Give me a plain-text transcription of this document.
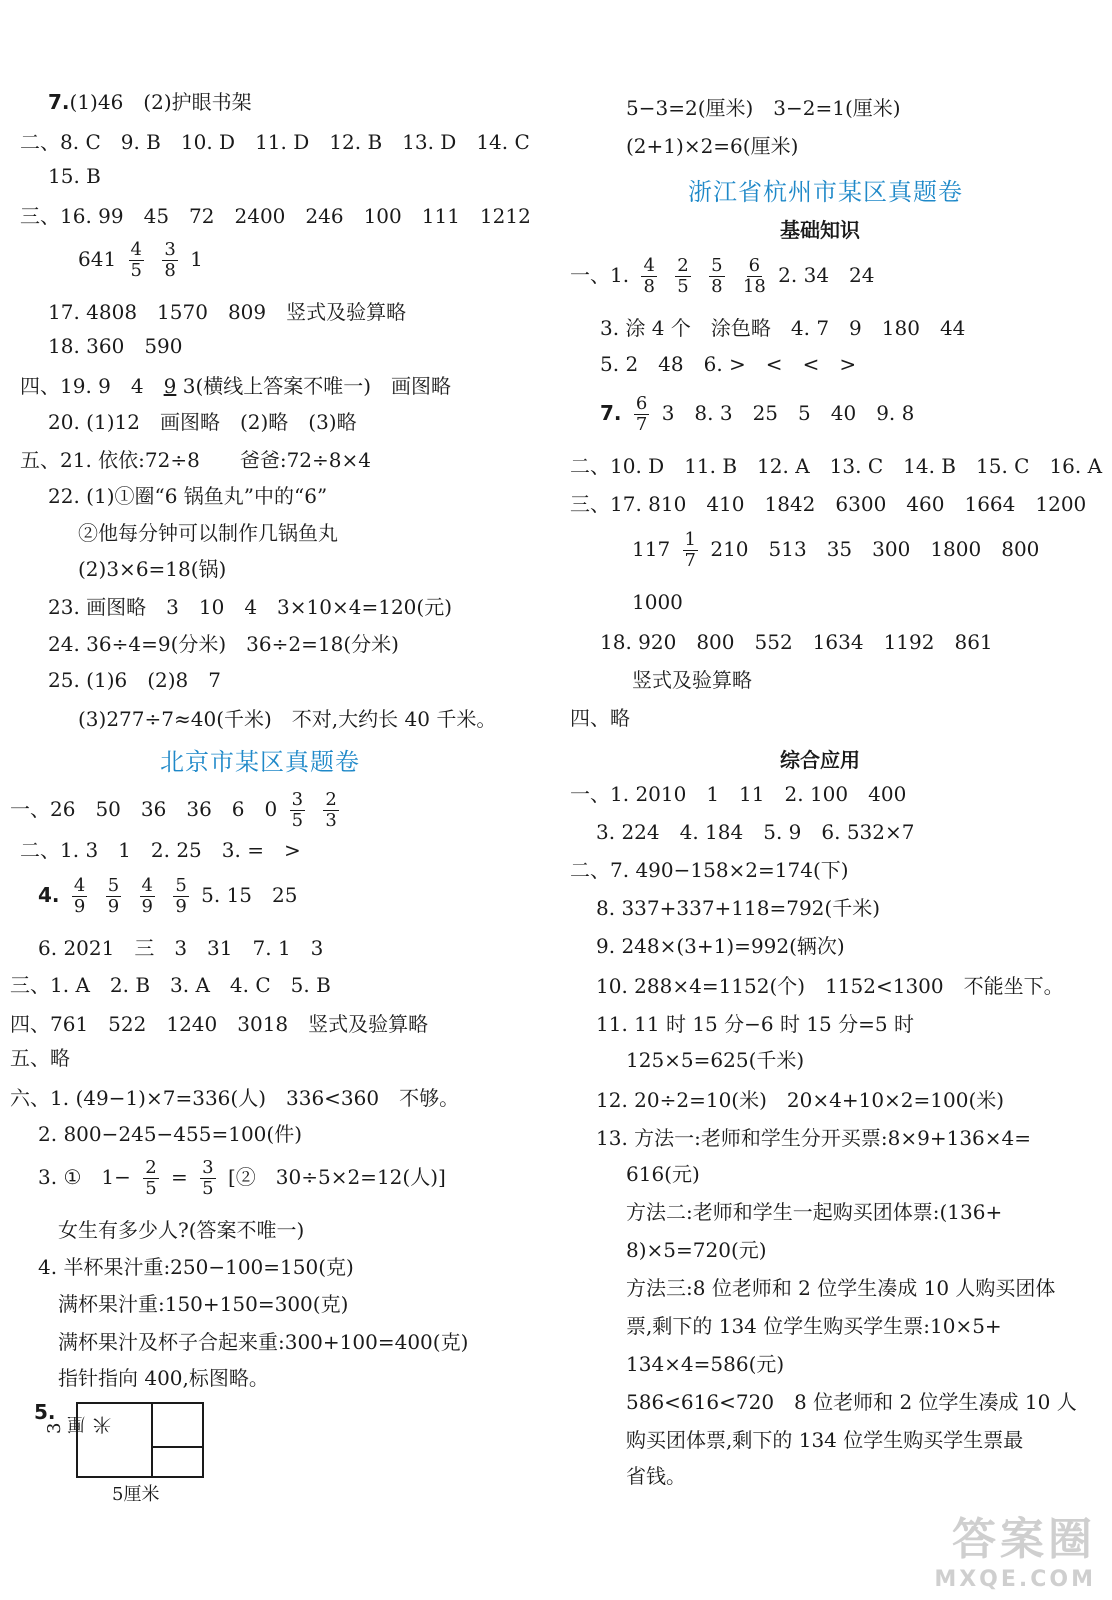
7.(1)46　(2)护眼书架
二、8. C　9. B　10. D　11. D　12. B　13. D　14. C
15. B
三、16. 99　45　72　2400　246　100　111　1212
$641 \frac{4}{5}$
$\frac{3}{8} 1$
17. 4808　1570　809　竖式及验算略
18. 360　590
四、19. 9　4　9 3(横线上答案不唯一)　画图略
20. (1)12　画图略　(2)略　(3)略
五、21. 依依:72÷8　　爸爸:72÷8×4
22. (1)①圈“6 锅鱼丸”中的“6”
②他每分钟可以制作几锅鱼丸
(2)3×6=18(锅)
23. 画图略　3　10　4　3×10×4=120(元)
24. 36÷4=9(分米)　36÷2=18(分米)
25. (1)6　(2)8　7
(3)277÷7≈40(千米)　不对,大约长 40 千米。
北京市某区真题卷
一、26　50　36　36　6　$0 \frac{3}{5}$
$\frac{2}{3}$
二、1. 3　1　2. 25　3. =　>
4. $\frac{4}{9}$
$\frac{5}{9}$
$\frac{4}{9}$
$\frac{5}{9} 5$. 15　25
6. 2021　三　3　31　7. 1　3
三、1. A　2. B　3. A　4. C　5. B
四、761　522　1240　3018　竖式及验算略
五、略
六、1. (49−1)×7=336(人)　336<360　不够。
2. 800−245−455=100(件)
3. ①　$1- \frac{2}{5} = \frac{3}{5}$ [②　30÷5×2=12(人)]
女生有多少人?(答案不唯一)
4. 半杯果汁重:250−100=150(克)
满杯果汁重:150+150=300(克)
满杯果汁及杯子合起来重:300+100=400(克)
指针指向 400,标图略。
5.
3厘米
5厘米
5−3=2(厘米)　3−2=1(厘米)
(2+1)×2=6(厘米)
浙江省杭州市某区真题卷
基础知识
一、1. $\frac{4}{8}$
$\frac{2}{5}$
$\frac{5}{8}$
$\frac{6}{18} 2$. 34　24
3. 涂 4 个　涂色略　4. 7　9　180　44
5. 2　48　6. >　<　<　>
7. $\frac{6}{7} 3$　8. 3　25　5　40　9. 8
二、10. D　11. B　12. A　13. C　14. B　15. C　16. A
三、17. 810　410　1842　6300　460　1664　1200
$117 \frac{1}{7} 210$　513　35　300　1800　800
1000
18. 920　800　552　1634　1192　861
竖式及验算略
四、略
综合应用
一、1. 2010　1　11　2. 100　400
3. 224　4. 184　5. 9　6. 532×7
二、7. 490−158×2=174(下)
8. 337+337+118=792(千米)
9. 248×(3+1)=992(辆次)
10. 288×4=1152(个)　1152<1300　不能坐下。
11. 11 时 15 分−6 时 15 分=5 时
125×5=625(千米)
12. 20÷2=10(米)　20×4+10×2=100(米)
13. 方法一:老师和学生分开买票:8×9+136×4=
616(元)
方法二:老师和学生一起购买团体票:(136+
8)×5=720(元)
方法三:8 位老师和 2 位学生凑成 10 人购买团体
票,剩下的 134 位学生购买学生票:10×5+
134×4=586(元)
586<616<720　8 位老师和 2 位学生凑成 10 人
购买团体票,剩下的 134 位学生购买学生票最
省钱。
答案圈
MXQE.COM
